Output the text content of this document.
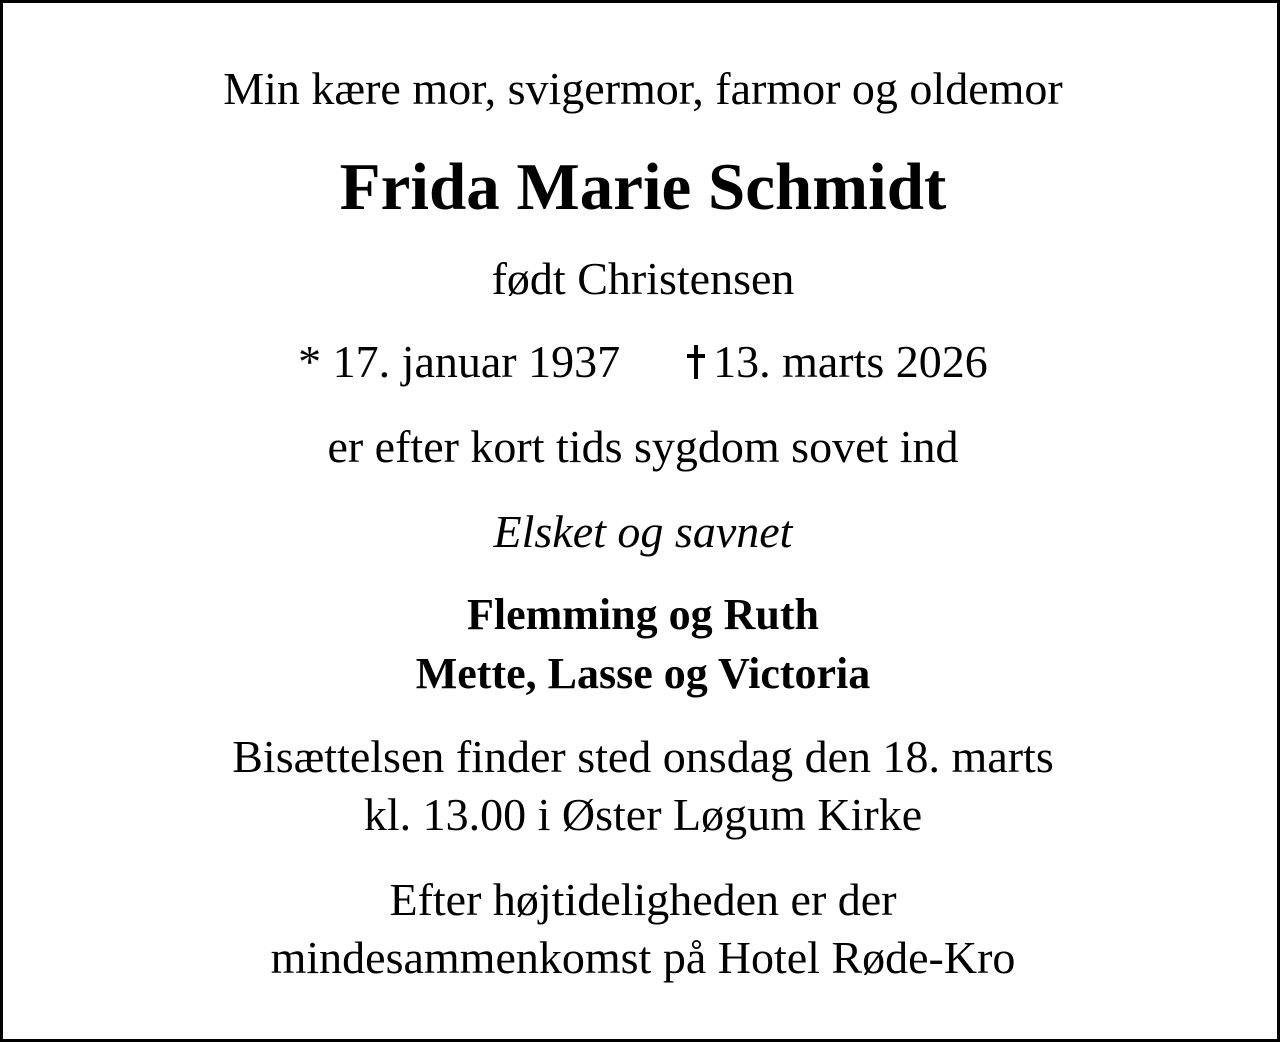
Min kære mor, svigermor, farmor og oldemor
Frida Marie Schmidt
født Christensen
* 17. januar 1937 13. marts 2026
er efter kort tids sygdom sovet ind
Elsket og savnet
Flemming og Ruth
Mette, Lasse og Victoria
Bisættelsen finder sted onsdag den 18. marts
kl. 13.00 i Øster Løgum Kirke
Efter højtideligheden er der
mindesammenkomst på Hotel Røde-Kro
